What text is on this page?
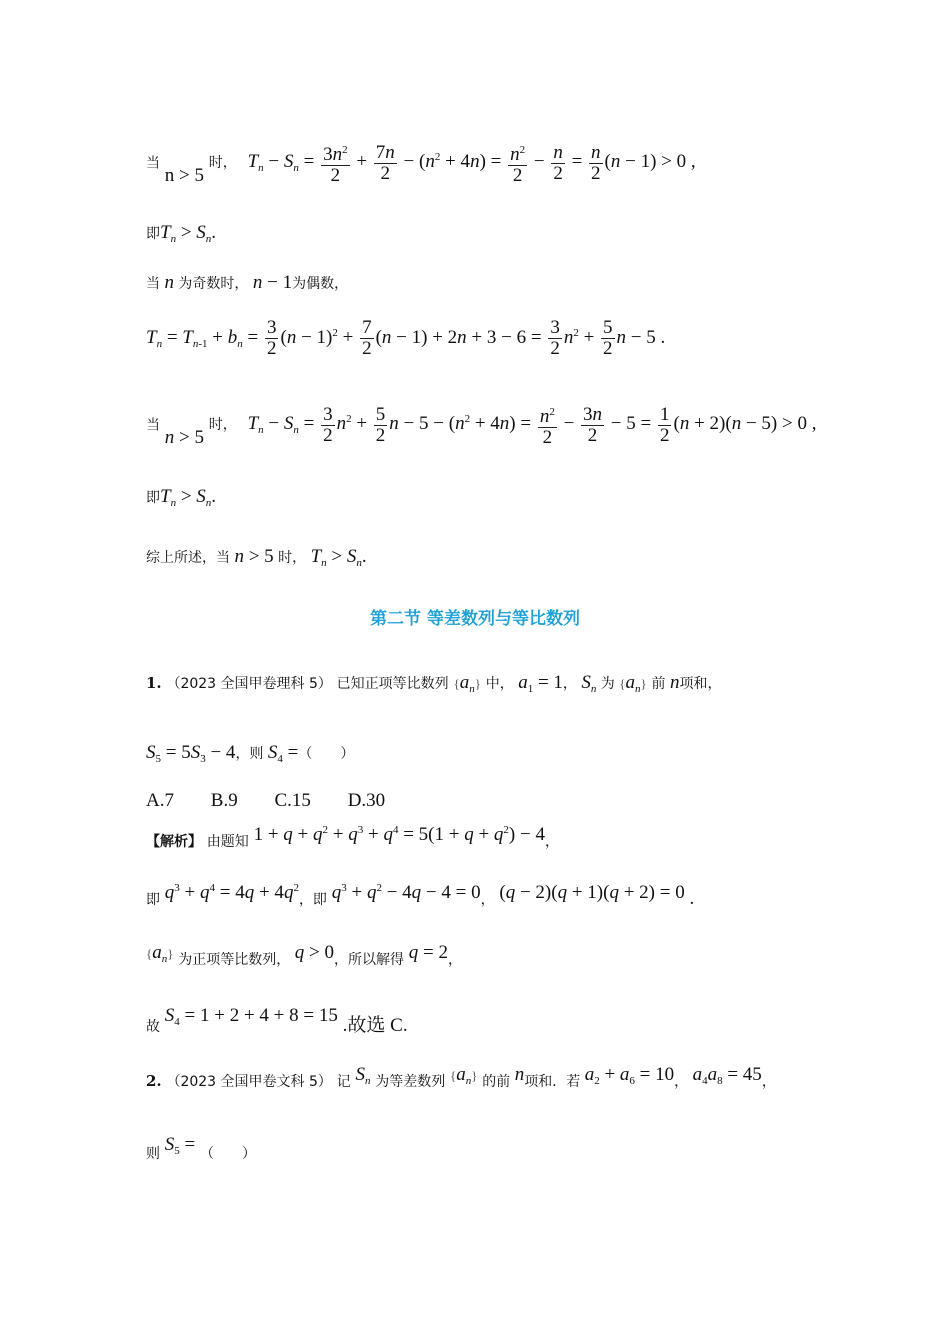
当 n > 5 时， $T_n - S_n = \frac{3n^2}{2} + \frac{7n}{2} - (n^2 + 4n) = \frac{n^2}{2} - \frac{n}{2} = \frac{n}{2} (n - 1) > 0$ ,
即$T_n > S_n$.
当 n 为奇数时， n − 1为偶数，
$T_n = T_{n-1} + b_n = \frac{3}{2} (n - 1)^2 + \frac{7}{2} (n - 1) + 2n + 3 - 6 = \frac{3}{2} n^2 + \frac{5}{2}$ n − 5 .
当 n > 5 时， $T_n - S_n = \frac{3}{2} n^2 + \frac{5}{2}$ $n - 5 - (n^2 + 4n) = \frac{n^2}{2} - \frac{3n}{2} - 5 = \frac{1}{2} (n + 2)(n - 5) > 0$ ,
即$T_n > S_n$.
综上所述，当 n > 5 时， $T_n > S_n$.
第二节 等差数列与等比数列
1. （2023 全国甲卷理科 5） 已知正项等比数列 $\{a_n\}$ 中， $a_1 = 1$， $S_n$ 为 $\{a_n\}$ 前 n项和，
$S_5 = 5S_3 - 4$，则 $S_4$ =（　　）
A.7 B.9 C.15 D.30
【解析】 由题知 $1 + q + q^2 + q^3 + q^4 = 5(1 + q + q^2) - 4$，
即 $q^3 + q^4 = 4q + 4q^2$，即 $q^3 + q^2 - 4q - 4 = 0$， (q − 2)(q + 1)(q + 2) = 0 .
$\{a_n\}$ 为正项等比数列， q > 0，所以解得 q = 2，
故 $S_4 = 1 + 2 + 4 + 8 = 15$ .故选 C.
2. （2023 全国甲卷文科 5） 记 $S_n$ 为等差数列 $\{a_n\}$ 的前 n项和．若 $a_2 + a_6 = 10$， $a_4a_8 = 45$，
则 $S_5$ = （　　）
